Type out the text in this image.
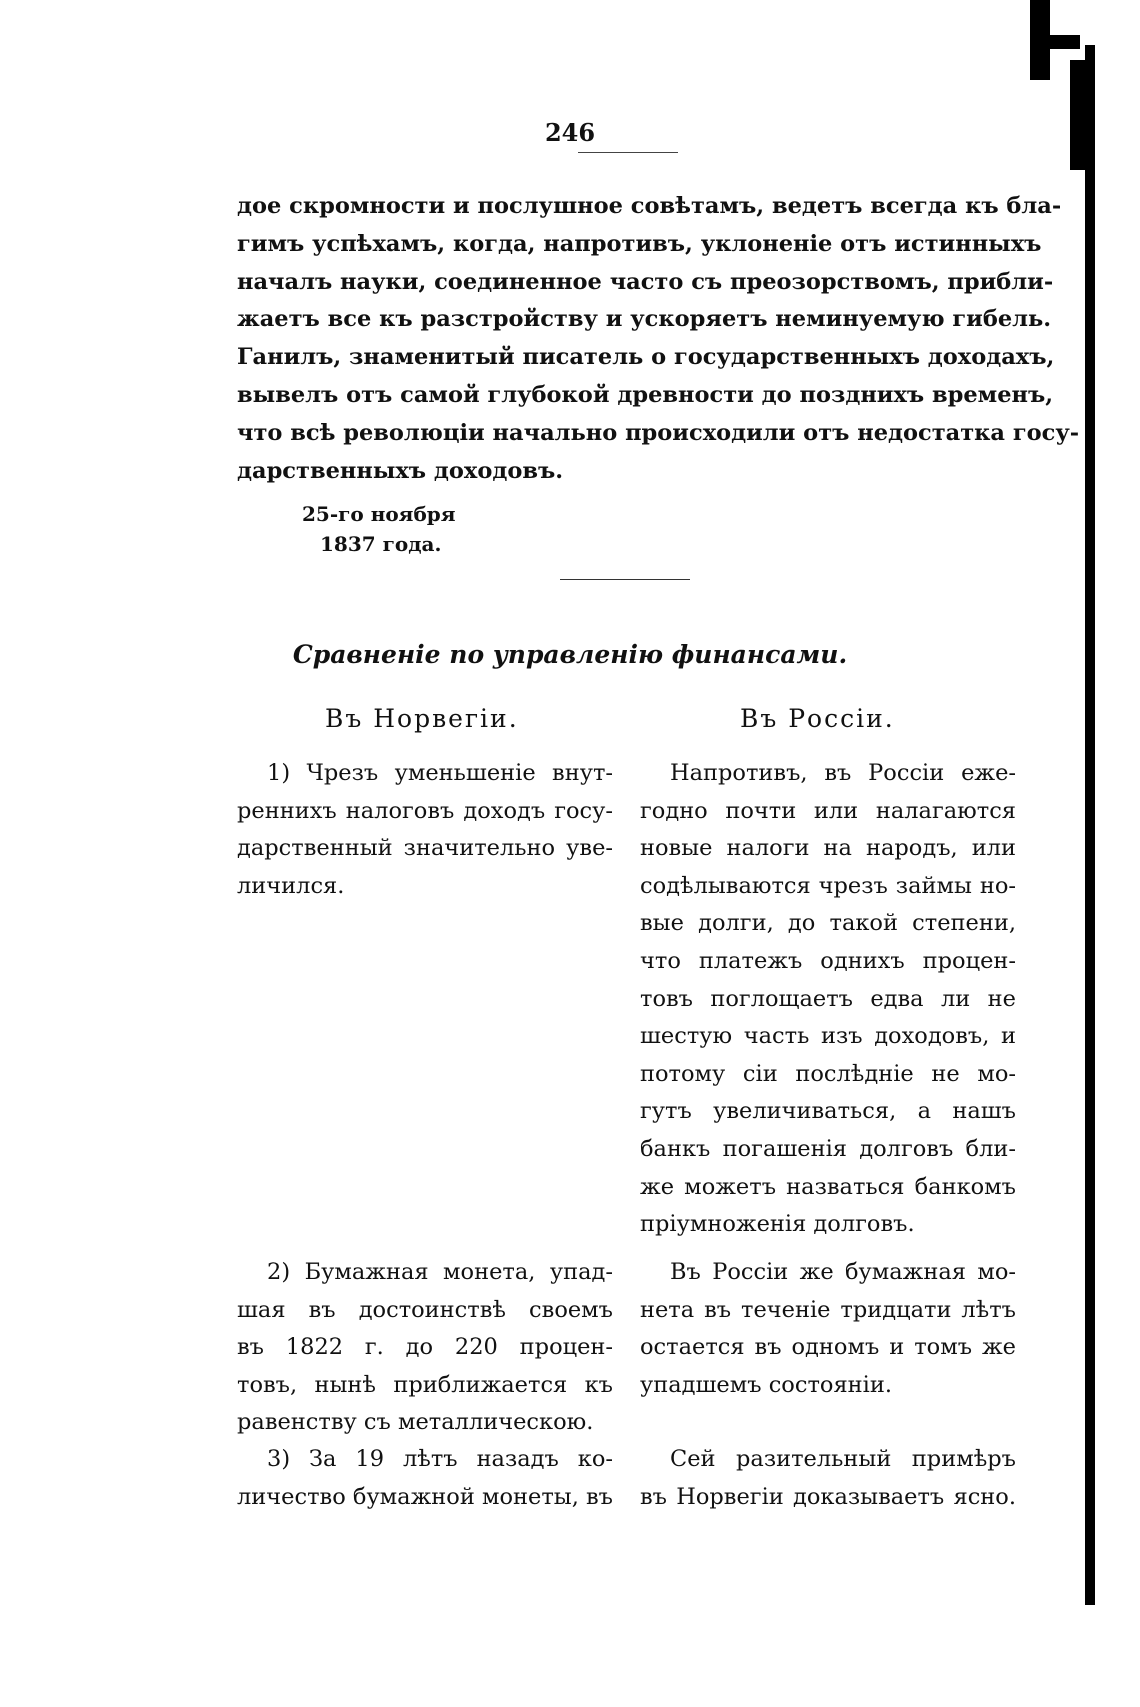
246
дое скромности и послушное совѣтамъ, ведетъ всегда къ бла-
гимъ успѣхамъ, когда, напротивъ, уклоненіе отъ истинныхъ
началъ науки, соединенное часто съ преозорствомъ, прибли-
жаетъ все къ разстройству и ускоряетъ неминуемую гибель.
Ганилъ, знаменитый писатель о государственныхъ доходахъ,
вывелъ отъ самой глубокой древности до позднихъ временъ,
что всѣ революціи начально происходили отъ недостатка госу-
дарственныхъ доходовъ.
25-го ноября
1837 года.
Сравненіе по управленію финансами.
Въ Норвегіи.	Въ Россіи.
1) Чрезъ уменьшеніе внут-
реннихъ налоговъ доходъ госу-
дарственный значительно уве-
личился.
2) Бумажная монета, упад-
шая въ достоинствѣ своемъ
въ 1822 г. до 220 процен-
товъ, нынѣ приближается къ
равенству съ металлическою.
3) За 19 лѣтъ назадъ ко-
личество бумажной монеты, въ
Напротивъ, въ Россіи еже-
годно почти или налагаются
новые налоги на народъ, или
содѣлываются чрезъ займы но-
вые долги, до такой степени,
что платежъ однихъ процен-
товъ поглощаетъ едва ли не
шестую часть изъ доходовъ, и
потому сіи послѣдніе не мо-
гутъ увеличиваться, а нашъ
банкъ погашенія долговъ бли-
же можетъ назваться банкомъ
пріумноженія долговъ.
Въ Россіи же бумажная мо-
нета въ теченіе тридцати лѣтъ
остается въ одномъ и томъ же
упадшемъ состояніи.
Сей разительный примѣръ
въ Норвегіи доказываетъ ясно.
